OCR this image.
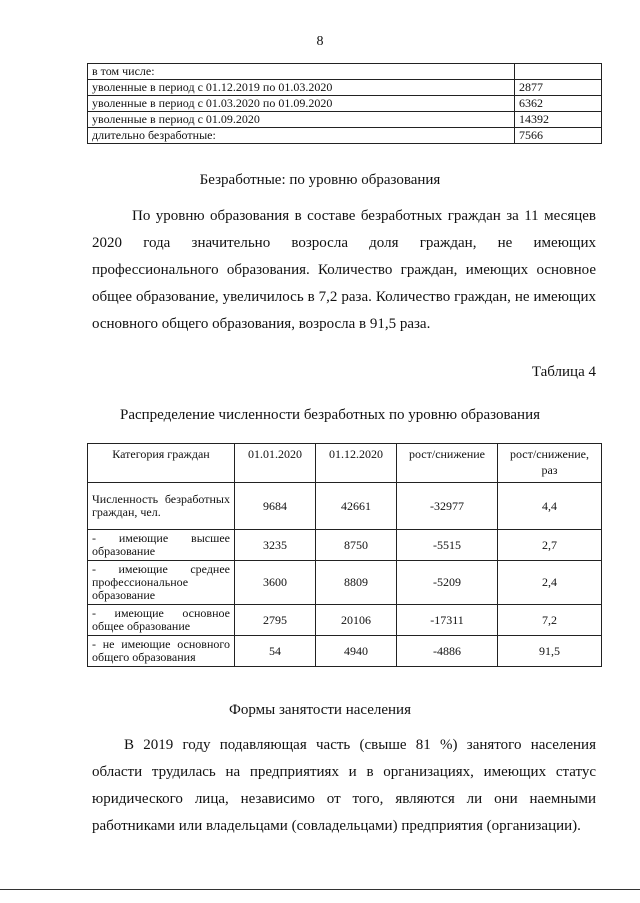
8
в том числе:	
уволенные в период с 01.12.2019 по 01.03.2020	2877
уволенные в период с 01.03.2020 по 01.09.2020	6362
уволенные в период с 01.09.2020	14392
длительно безработные:	7566
Безработные: по уровню образования

По уровню образования в составе безработных граждан за 11 месяцев 2020 года значительно возросла доля граждан, не имеющих профессионального образования. Количество граждан, имеющих основное общее образование, увеличилось в 7,2 раза. Количество граждан, не имеющих основного общего образования, возросла в 91,5 раза.

Таблица 4
Распределение численности безработных по уровню образования
Категория граждан	01.01.2020	01.12.2020	рост/снижение	рост/снижение, раз
Численность безработных граждан, чел.	9684	42661	-32977	4,4
- имеющие высшее образование	3235	8750	-5515	2,7
- имеющие среднее профессиональное образование	3600	8809	-5209	2,4
- имеющие основное общее образование	2795	20106	-17311	7,2
- не имеющие основного общего образования	54	4940	-4886	91,5
Формы занятости населения

В 2019 году подавляющая часть (свыше 81 %) занятого населения области трудилась на предприятиях и в организациях, имеющих статус юридического лица, независимо от того, являются ли они наемными работниками или владельцами (совладельцами) предприятия (организации).
